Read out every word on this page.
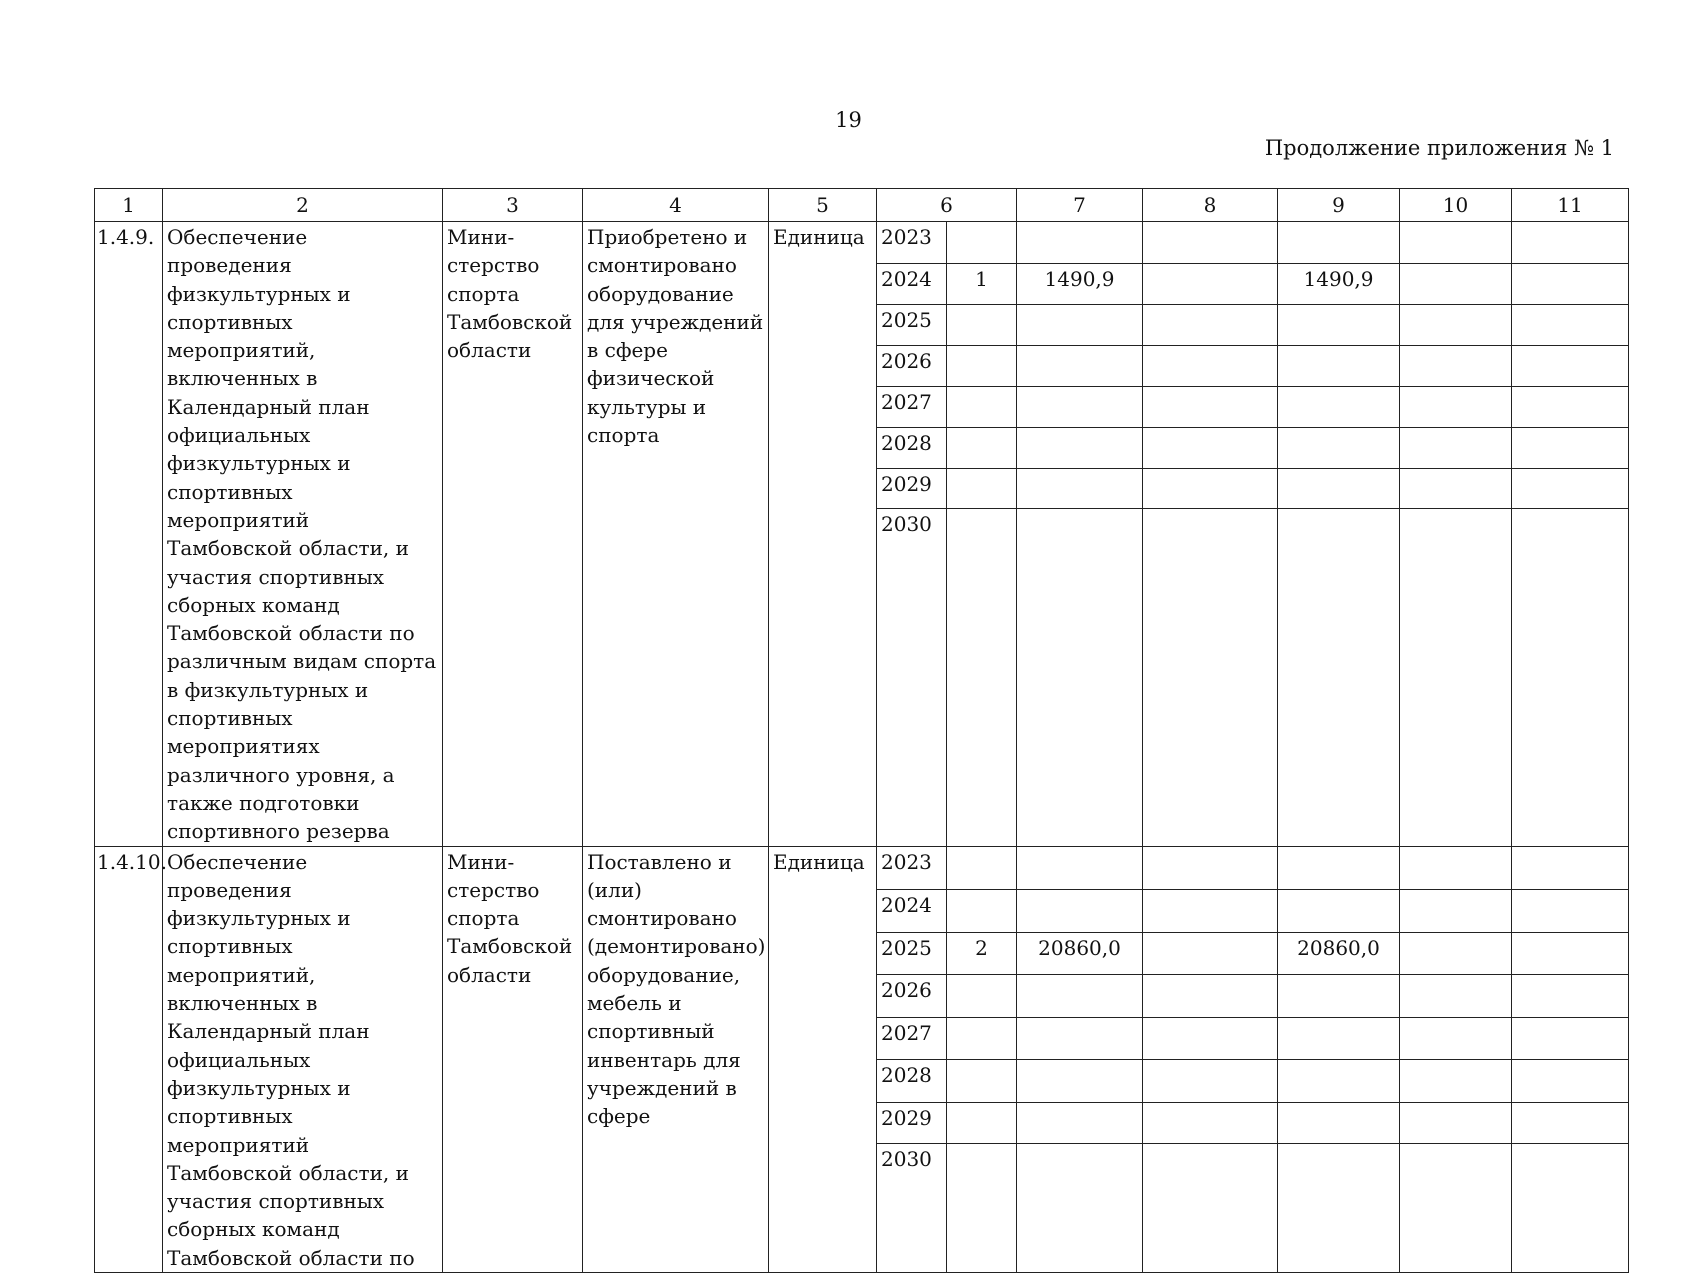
19
Продолжение приложения № 1
1	2	3	4	5	6		7	8	9	10	11
1.4.9.	Обеспечение проведения физкультурных и спортивных мероприятий, включенных в Календарный план официальных физкультурных и спортивных мероприятий Тамбовской области, и участия спортивных сборных команд Тамбовской области по различным видам спорта в физкультурных и спортивных мероприятиях различного уровня, а также подготовки спортивного резерва	Мини-стерство спорта Тамбовской области	Приобретено и смонтировано оборудование для учреждений в сфере физической культуры и спорта	Единица	2023						
					2024	1	1490,9		1490,9		
					2025						
					2026						
					2027						
					2028						
					2029						
					2030						
1.4.10.	Обеспечение проведения физкультурных и спортивных мероприятий, включенных в Календарный план официальных физкультурных и спортивных мероприятий Тамбовской области, и участия спортивных сборных команд Тамбовской области по	Мини-стерство спорта Тамбовской области	Поставлено и (или) смонтировано (демонтировано) оборудование, мебель и спортивный инвентарь для учреждений в сфере	Единица	2023						
					2024						
					2025	2	20860,0		20860,0		
					2026						
					2027						
					2028						
					2029						
					2030						
